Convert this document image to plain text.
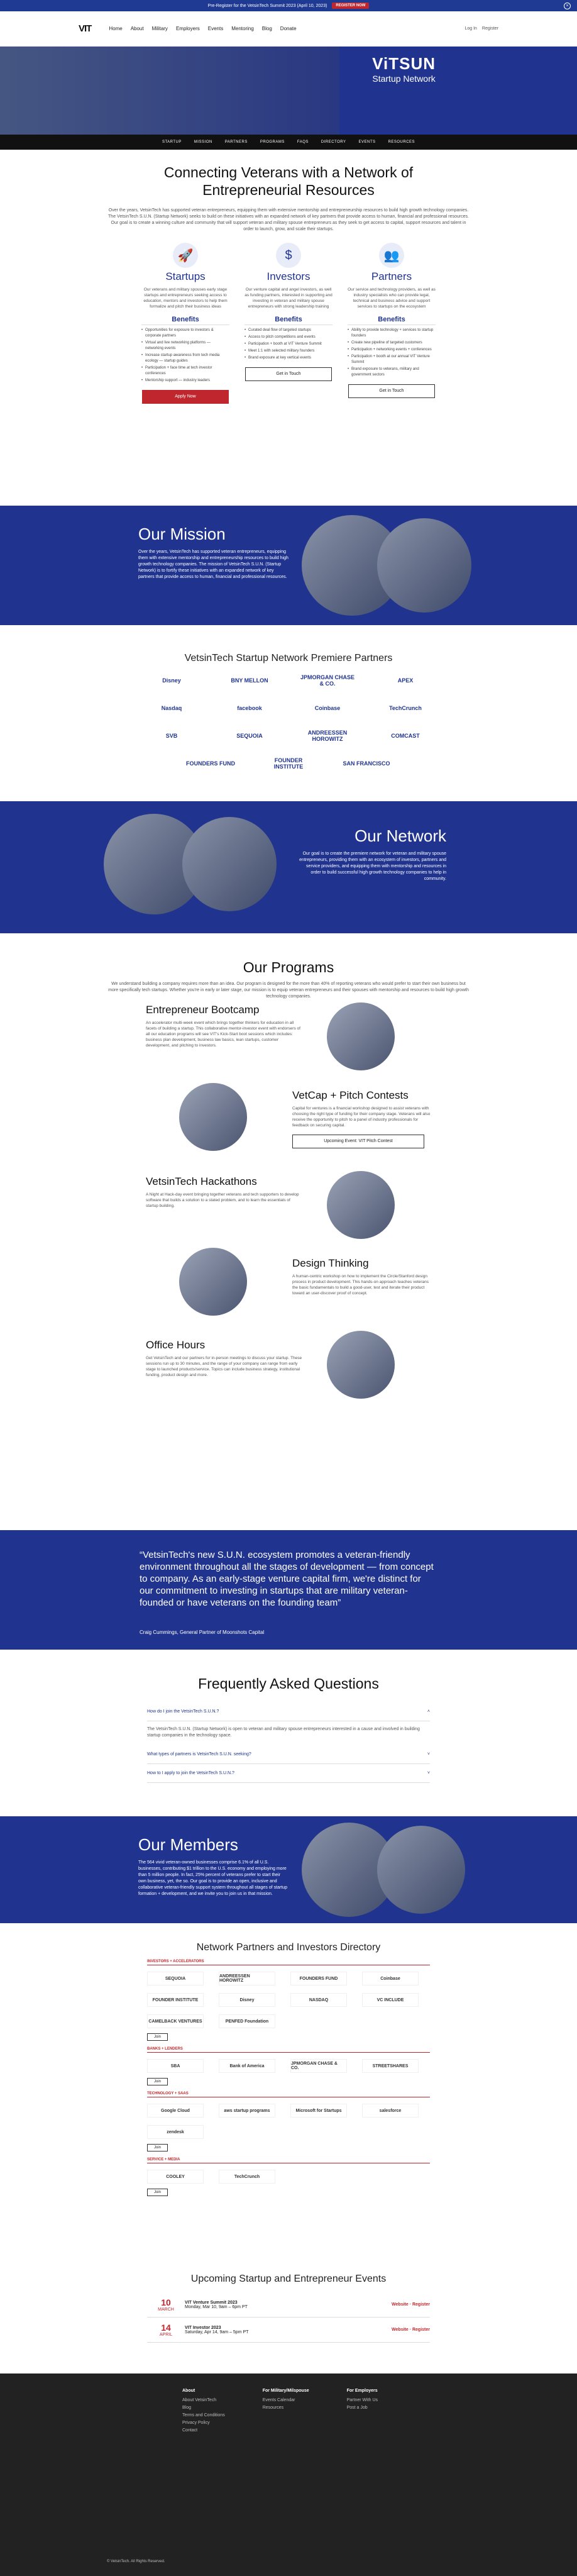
Pre-Register for the VetsinTech Summit 2023 (April 10, 2023)	REGISTER NOW	×
VIT	Home About Military Employers Events Mentoring Blog Donate	Log In Register
ViTSUN
Startup Network
STARTUP	MISSION	PARTNERS	PROGRAMS	FAQS	DIRECTORY	EVENTS	RESOURCES
Connecting Veterans with a Network of Entrepreneurial Resources

Over the years, VetsinTech has supported veteran entrepreneurs, equipping them with extensive mentorship and entrepreneurship resources to build high growth technology companies. The VetsinTech S.U.N. (Startup Network) seeks to build on these initiatives with an expanded network of key partners that provide access to human, financial and professional resources. Our goal is to create a winning culture and community that will support veteran and military spouse entrepreneurs as they seek to get access to capital, support resources and talent in order to launch, grow, and scale their startups.

🚀
Startups

Our veterans and military spouses early stage startups and entrepreneurs seeking access to education, mentors and investors to help them formalize and pitch their business ideas

Benefits
• Opportunities for exposure to investors & corporate partners
• Virtual and live networking platforms — networking events
• Increase startup awareness from tech media ecology — startup guides
• Participation + face time at tech investor conferences
• Mentorship support — industry leaders
Apply Now
$
Investors

Our venture capital and angel investors, as well as funding partners, interested in supporting and investing in veteran and military spouse entrepreneurs with strong leadership training

Benefits
• Curated deal flow of targeted startups
• Access to pitch competitions and events
• Participation + booth at VIT Venture Summit
• Meet 1:1 with selected military founders
• Brand exposure at key vertical events
Get in Touch
👥
Partners

Our service and technology providers, as well as industry specialists who can provide legal, technical and business advice and support services to startups on the ecosystem

Benefits
• Ability to provide technology + services to startup founders
• Create new pipeline of targeted customers
• Participation + networking events + conferences
• Participation + booth at our annual VIT Venture Summit
• Brand exposure to veterans, military and government sectors
Get in Touch
Our Mission

Over the years, VetsinTech has supported veteran entrepreneurs, equipping them with extensive mentorship and entrepreneurship resources to build high growth technology companies. The mission of VetsinTech S.U.N. (Startup Network) is to fortify these initiatives with an expanded network of key partners that provide access to human, financial and professional resources.

VetsinTech Startup Network Premiere Partners
Disney	BNY MELLON	JPMORGAN CHASE & CO.	APEX
Nasdaq	facebook	Coinbase	TechCrunch
SVB	SEQUOIA	ANDREESSEN HOROWITZ	COMCAST
FOUNDERS FUND	FOUNDER INSTITUTE	SAN FRANCISCO
Our Network

Our goal is to create the premiere network for veteran and military spouse entrepreneurs, providing them with an ecosystem of investors, partners and service providers, and equipping them with mentorship and resources in order to build successful high growth technology companies to help in community.

Our Programs

We understand building a company requires more than an idea. Our program is designed for the more than 40% of reporting veterans who would prefer to start their own business but more specifically tech startups. Whether you're in early or later stage, our mission is to equip veteran entrepreneurs and their spouses with mentorship and resources to build high growth technology companies.

Entrepreneur Bootcamp

An accelerator multi-week event which brings together thinkers for education in all facets of building a startup. This collaborative mentor-investor event with endorsers of all our education programs will see VIT's Kick-Start boot sessions which includes: business plan development, business law basics, lean startups, customer development, and pitching to investors.

VetCap + Pitch Contests

Capital for ventures is a financial workshop designed to assist veterans with choosing the right type of funding for their company stage. Veterans will also receive the opportunity to pitch to a panel of industry professionals for feedback on securing capital.

Upcoming Event: VIT Pitch Contest
VetsinTech Hackathons

A Night at Hack-day event bringing together veterans and tech supporters to develop software that builds a solution to a stated problem, and to learn the essentials of startup building.

Design Thinking

A human-centric workshop on how to implement the Circle/Stanford design process in product development. This hands-on approach teaches veterans the basic fundamentals to build a good-user, test and iterate their product toward an user-discover proof of concept.

Office Hours

Get VetsinTech and our partners for in-person meetings to discuss your startup. These sessions run up to 30 minutes, and the range of your company can range from early stage to launched products/service. Topics can include business strategy, institutional funding, product design and more.

“VetsinTech's new S.U.N. ecosystem promotes a veteran-friendly environment throughout all the stages of development — from concept to company. As an early-stage venture capital firm, we're distinct for our commitment to investing in startups that are military veteran-founded or have veterans on the founding team”

Craig Cummings, General Partner of Moonshots Capital

Frequently Asked Questions
How do I join the VetsinTech S.U.N.?	˄

The VetsinTech S.U.N. (Startup Network) is open to veteran and military spouse entrepreneurs interested in a cause and involved in building startup companies in the technology space.

What types of partners is VetsinTech S.U.N. seeking?	˅
How to I apply to join the VetsinTech S.U.N.?	˅
Our Members

The 564 vivid veteran-owned businesses comprise 6.1% of all U.S. businesses, contributing $1 trillion to the U.S. economy and employing more than 5 million people. In fact, 25% percent of veterans prefer to start their own business, yet, the so. Our goal is to provide an open, inclusive and collaborative veteran-friendly support system throughout all stages of startup formation + development, and we invite you to join us in that mission.

Network Partners and Investors Directory
INVESTORS + ACCELERATORS
SEQUOIA	ANDREESSEN HOROWITZ	FOUNDERS FUND	Coinbase
FOUNDER INSTITUTE	Disney	NASDAQ	VC INCLUDE
CAMELBACK VENTURES	PENFED Foundation
Join
BANKS + LENDERS
SBA	Bank of America	JPMORGAN CHASE & CO.	STREETSHARES
Join
TECHNOLOGY + SAAS
Google Cloud	aws startup programs	Microsoft for Startups	salesforce
zendesk
Join
SERVICE + MEDIA
COOLEY	TechCrunch
Join
Upcoming Startup and Entrepreneur Events
10
MARCH
VIT Venture Summit 2023
Monday, Mar 10, 9am – 6pm PT	Website · Register
14
APRIL
VIT Investor 2023
Saturday, Apr 14, 9am – 5pm PT	Website · Register
About
About VetsinTech
Blog
Terms and Conditions
Privacy Policy
Contact
For Military/Milspouse
Events Calendar
Resources
For Employers
Partner With Us
Post a Job
© VetsinTech. All Rights Reserved.
